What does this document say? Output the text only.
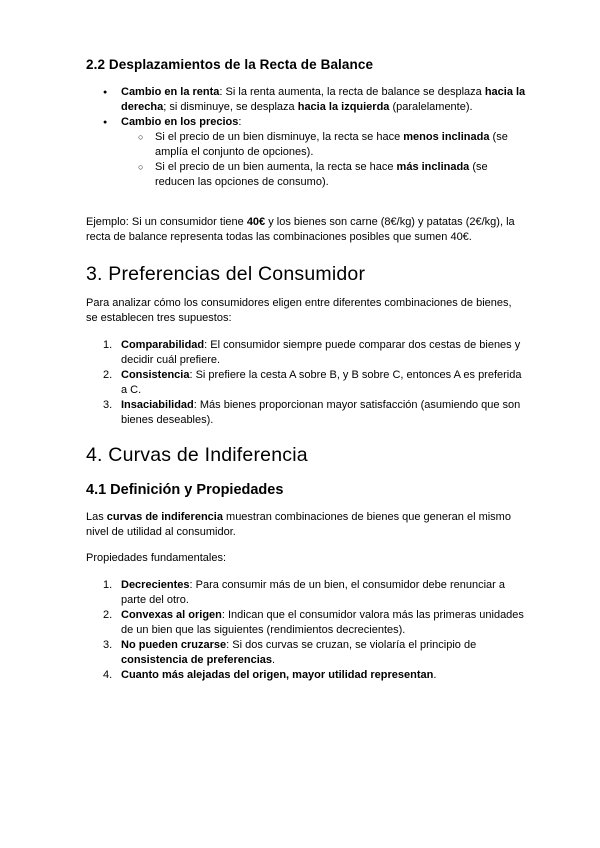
2.2 Desplazamientos de la Recta de Balance
● Cambio en la renta: Si la renta aumenta, la recta de balance se desplaza hacia la derecha; si disminuye, se desplaza hacia la izquierda (paralelamente).
● Cambio en los precios:
○ Si el precio de un bien disminuye, la recta se hace menos inclinada (se amplía el conjunto de opciones).
○ Si el precio de un bien aumenta, la recta se hace más inclinada (se reducen las opciones de consumo).

Ejemplo: Si un consumidor tiene 40€ y los bienes son carne (8€/kg) y patatas (2€/kg), la recta de balance representa todas las combinaciones posibles que sumen 40€.

3. Preferencias del Consumidor

Para analizar cómo los consumidores eligen entre diferentes combinaciones de bienes, se establecen tres supuestos:

1. Comparabilidad: El consumidor siempre puede comparar dos cestas de bienes y decidir cuál prefiere.
2. Consistencia: Si prefiere la cesta A sobre B, y B sobre C, entonces A es preferida a C.
3. Insaciabilidad: Más bienes proporcionan mayor satisfacción (asumiendo que son bienes deseables).
4. Curvas de Indiferencia
4.1 Definición y Propiedades

Las curvas de indiferencia muestran combinaciones de bienes que generan el mismo nivel de utilidad al consumidor.

Propiedades fundamentales:

1. Decrecientes: Para consumir más de un bien, el consumidor debe renunciar a parte del otro.
2. Convexas al origen: Indican que el consumidor valora más las primeras unidades de un bien que las siguientes (rendimientos decrecientes).
3. No pueden cruzarse: Si dos curvas se cruzan, se violaría el principio de consistencia de preferencias.
4. Cuanto más alejadas del origen, mayor utilidad representan.
